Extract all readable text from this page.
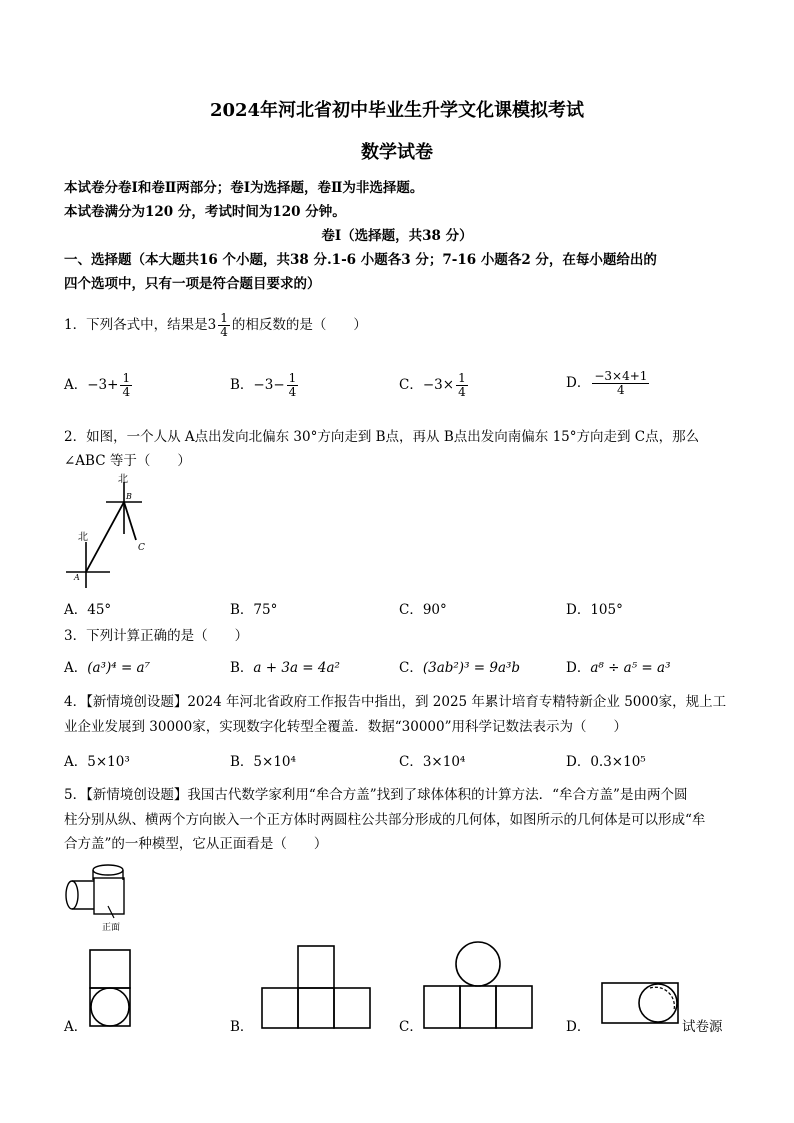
2024年河北省初中毕业生升学文化课模拟考试
数学试卷
本试卷分卷Ⅰ和卷Ⅱ两部分；卷Ⅰ为选择题，卷Ⅱ为非选择题。
本试卷满分为120 分，考试时间为120 分钟。
卷Ⅰ（选择题，共38 分）
一、选择题（本大题共16 个小题，共38 分.1-6 小题各3 分；7-16 小题各2 分，在每小题给出的
四个选项中，只有一项是符合题目要求的）
1．下列各式中，结果是$3 \frac{1}{4}$ 的相反数的是（　　）
A．$-3+ \frac{1}{4}$	B．$-3- \frac{1}{4}$	C．$-3\times \frac{1}{4}$	D． $\frac{-3\times 4+1}{4}$
2．如图，一个人从 A点出发向北偏东 30°方向走到 B点，再从 B点出发向南偏东 15°方向走到 C点，那么
∠ABC 等于（　　）
北
北
A
B
C
A．45°	B．75°	C．90°	D．105°
3．下列计算正确的是（　　）
A．(a³)⁴ = a⁷	B．a + 3a = 4a²	C．(3ab²)³ = 9a³b	D．a⁸ ÷ a⁵ = a³
4．【新情境创设题】2024 年河北省政府工作报告中指出，到 2025 年累计培育专精特新企业 5000家，规上工
业企业发展到 30000家，实现数字化转型全覆盖．数据“30000”用科学记数法表示为（　　）
A．5×10³	B．5×10⁴	C．3×10⁴	D．0.3×10⁵
5．【新情境创设题】我国古代数学家利用“牟合方盖”找到了球体体积的计算方法．“牟合方盖”是由两个圆
柱分别从纵、横两个方向嵌入一个正方体时两圆柱公共部分形成的几何体，如图所示的几何体是可以形成“牟
合方盖”的一种模型，它从正面看是（　　）
正面
A．	B．	C．	D．	试卷源
